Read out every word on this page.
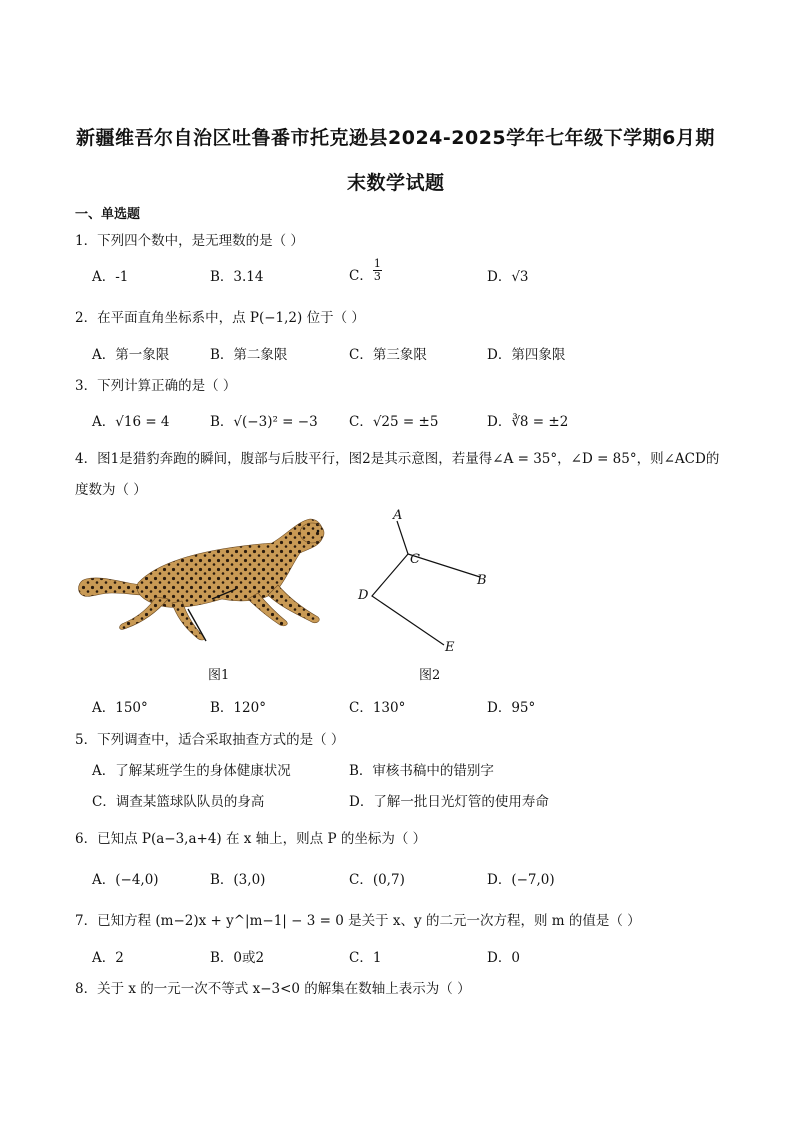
新疆维吾尔自治区吐鲁番市托克逊县2024-2025学年七年级下学期6月期
末数学试题
一、单选题
1．下列四个数中，是无理数的是（ ）
A．-1	B．3.14	C． $\frac{1}{3}$	D．√3
2．在平面直角坐标系中，点 P(−1,2) 位于（ ）
A．第一象限	B．第二象限	C．第三象限	D．第四象限
3．下列计算正确的是（ ）
A．√16 = 4	B．√(−3)² = −3 C．√25 = ±5	D．∛8 = ±2
4．图1是猎豹奔跑的瞬间，腹部与后肢平行，图2是其示意图，若量得∠A = 35°，∠D = 85°，则∠ACD的
度数为（ ）
A
C
B
D
E
图1	图2
A．150°	B．120°	C．130°	D．95°
5．下列调查中，适合采取抽查方式的是（ ）
A．了解某班学生的身体健康状况	B．审核书稿中的错别字
C．调查某篮球队队员的身高	D．了解一批日光灯管的使用寿命
6．已知点 P(a−3,a+4) 在 x 轴上，则点 P 的坐标为（ ）
A．(−4,0)	B．(3,0)	C．(0,7)	D．(−7,0)
7．已知方程 (m−2)x + y^|m−1| − 3 = 0 是关于 x、y 的二元一次方程，则 m 的值是（ ）
A．2	B．0或2	C．1	D．0
8．关于 x 的一元一次不等式 x−3<0 的解集在数轴上表示为（ ）
